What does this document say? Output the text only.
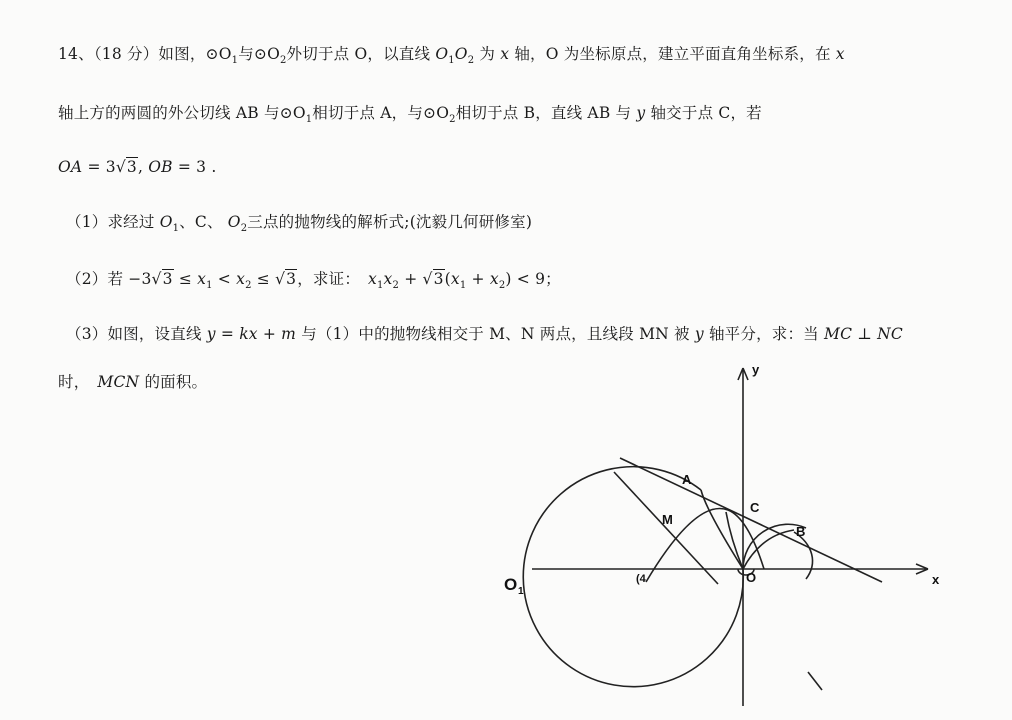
14、（18 分）如图，$⊙O_1$与$⊙O_2$外切于点 O，以直线 $O_1O_2$ 为 x 轴，O 为坐标原点，建立平面直角坐标系，在 x
轴上方的两圆的外公切线 AB 与$⊙O_1$相切于点 A，与$⊙O_2$相切于点 B，直线 AB 与 y 轴交于点 C，若
OA = 3√3, OB = 3 .
（1）求经过 $O_1$、C、 $O_2$三点的抛物线的解析式;(沈毅几何研修室)
（2）若 $-3√3 \le x_1 < x_2 \le √3$，求证： $x_1x_2 + √3(x_1 + x_2) < 9$；
（3）如图，设直线 y = kx + m 与（1）中的抛物线相交于 M、N 两点，且线段 MN 被 y 轴平分，求：当 MC ⊥ NC
时， MCN 的面积。
y
x
O 1
A
B
C
M
O
(4
